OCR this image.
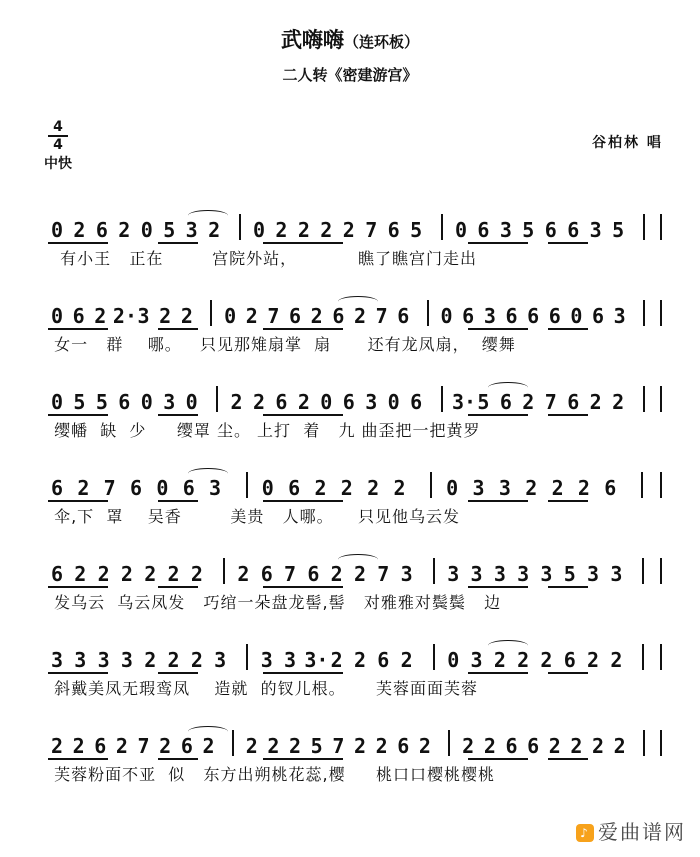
武嗨嗨（连环板）
二人转《密建游宫》
4
4
中快
谷柏林 唱
0 2 6 2 0 5 3 2 0 2 2 2 2 7 6 5 0 6 3 5 6 6 3 5
有小王   正在        宫院外站，          瞧了瞧宫门走出
0 6 2 2· 3 2 2 0 2 7 6 2 6 2 7 6 0 6 3 6 6 6 0 6 3
女一   群    哪。   只见那雉扇掌  扇      还有龙凤扇，  缨舞
0 5 5 6 0 3 0 2 2 6 2 0 6 3 0 6 3· 5 6 2 7 6 2 2
缨幡  缺  少     缨罩 尘。 上打  着   九 曲歪把一把黄罗
6 2 7 6 0 6 3 0 6 2 2 2 2 0 3 3 2 2 2 6
伞,下  罩    吴香        美贵   人哪。    只见他乌云发
6 2 2 2 2 2 2 2 6 7 6 2 2 7 3 3 3 3 3 3 5 3 3
发乌云  乌云凤发   巧绾一朵盘龙髻,髻   对雅雅对鬓鬓   边
3 3 3 3 2 2 2 3 3 3 3· 2 2 6 2 0 3 2 2 2 6 2 2
斜戴美凤无瑕鸾凤    造就  的钗儿根。     芙蓉面面芙蓉
2 2 6 2 7 2 6 2 2 2 2 5 7 2 2 6 2 2 2 6 6 2 2 2 2
芙蓉粉面不亚  似   东方出朔桃花蕊,樱     桃口口樱桃樱桃
♪ 爱曲谱网
